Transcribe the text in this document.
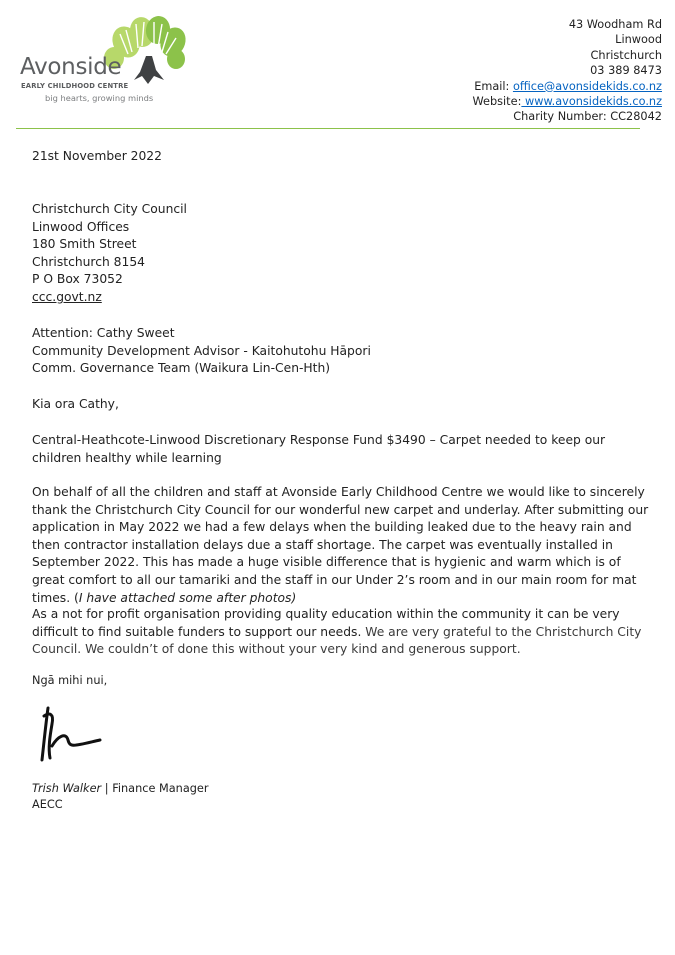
Avonside
EARLY CHILDHOOD CENTRE
big hearts, growing minds
43 Woodham Rd
Linwood
Christchurch
03 389 8473
Email: office@avonsidekids.co.nz
Website: www.avonsidekids.co.nz
Charity Number: CC28042

21st November 2022

Christchurch City Council
Linwood Offices
180 Smith Street
Christchurch 8154
P O Box 73052
ccc.govt.nz
Attention: Cathy Sweet
Community Development Advisor - Kaitohutohu Hāpori
Comm. Governance Team (Waikura Lin-Cen-Hth)

Kia ora Cathy,

Central-Heathcote-Linwood Discretionary Response Fund $3490 – Carpet needed to keep our children healthy while learning

On behalf of all the children and staff at Avonside Early Childhood Centre we would like to sincerely thank the Christchurch City Council for our wonderful new carpet and underlay. After submitting our application in May 2022 we had a few delays when the building leaked due to the heavy rain and then contractor installation delays due a staff shortage. The carpet was eventually installed in September 2022. This has made a huge visible difference that is hygienic and warm which is of great comfort to all our tamariki and the staff in our Under 2’s room and in our main room for mat times. (I have attached some after photos)

As a not for profit organisation providing quality education within the community it can be very difficult to find suitable funders to support our needs. We are very grateful to the Christchurch City Council. We couldn’t of done this without your very kind and generous support.

Ngā mihi nui,

Trish Walker | Finance Manager
AECC
